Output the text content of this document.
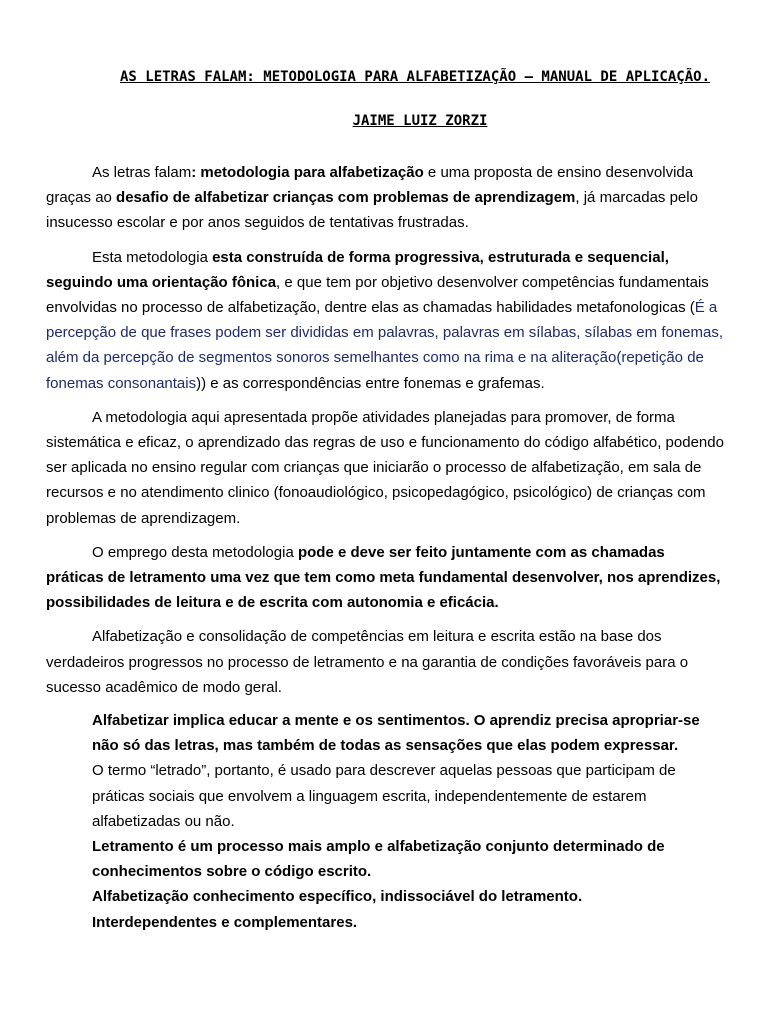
AS LETRAS FALAM: METODOLOGIA PARA ALFABETIZAÇÃO – MANUAL DE APLICAÇÃO.
JAIME LUIZ ZORZI

As letras falam: metodologia para alfabetização e uma proposta de ensino desenvolvida graças ao desafio de alfabetizar crianças com problemas de aprendizagem, já marcadas pelo insucesso escolar e por anos seguidos de tentativas frustradas.

Esta metodologia esta construída de forma progressiva, estruturada e sequencial, seguindo uma orientação fônica, e que tem por objetivo desenvolver competências fundamentais envolvidas no processo de alfabetização, dentre elas as chamadas habilidades metafonologicas (É a percepção de que frases podem ser divididas em palavras, palavras em sílabas, sílabas em fonemas, além da percepção de segmentos sonoros semelhantes como na rima e na aliteração(repetição de fonemas consonantais)) e as correspondências entre fonemas e grafemas.

A metodologia aqui apresentada propõe atividades planejadas para promover, de forma sistemática e eficaz, o aprendizado das regras de uso e funcionamento do código alfabético, podendo ser aplicada no ensino regular com crianças que iniciarão o processo de alfabetização, em sala de recursos e no atendimento clinico (fonoaudiológico, psicopedagógico, psicológico) de crianças com problemas de aprendizagem.

O emprego desta metodologia pode e deve ser feito juntamente com as chamadas práticas de letramento uma vez que tem como meta fundamental desenvolver, nos aprendizes, possibilidades de leitura e de escrita com autonomia e eficácia.

Alfabetização e consolidação de competências em leitura e escrita estão na base dos verdadeiros progressos no processo de letramento e na garantia de condições favoráveis para o sucesso acadêmico de modo geral.

Alfabetizar implica educar a mente e os sentimentos. O aprendiz precisa apropriar-se não só das letras, mas também de todas as sensações que elas podem expressar.
O termo “letrado”, portanto, é usado para descrever aquelas pessoas que participam de práticas sociais que envolvem a linguagem escrita, independentemente de estarem alfabetizadas ou não.
Letramento é um processo mais amplo e alfabetização conjunto determinado de conhecimentos sobre o código escrito.
Alfabetização conhecimento específico, indissociável do letramento.
Interdependentes e complementares.
